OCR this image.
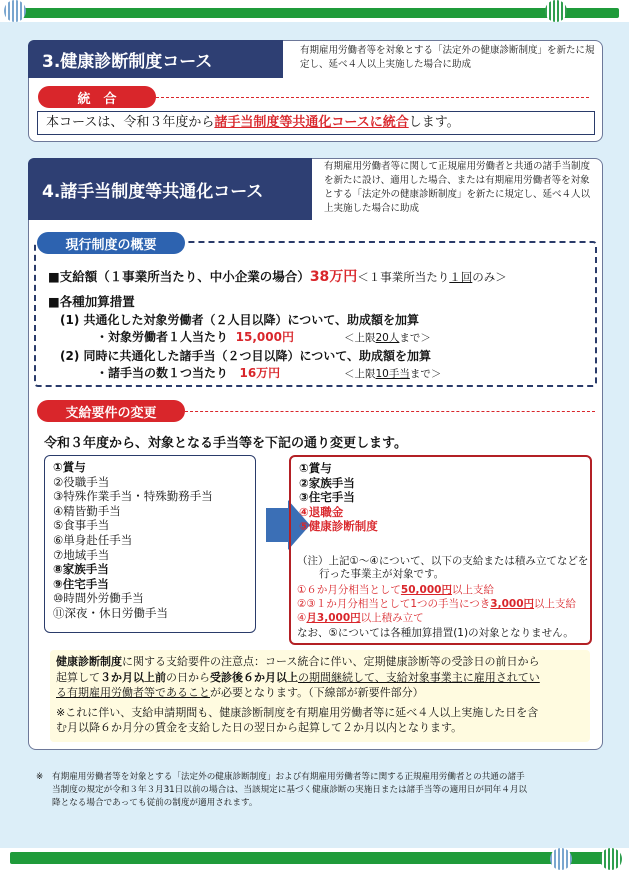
3.健康診断制度コース
有期雇用労働者等を対象とする「法定外の健康診断制度」を新たに規定し、延べ４人以上実施した場合に助成
統　合
本コースは、令和３年度から諸手当制度等共通化コースに統合します。
4.諸手当制度等共通化コース
有期雇用労働者等に関して正規雇用労働者と共通の諸手当制度を新たに設け、適用した場合、または有期雇用労働者等を対象とする「法定外の健康診断制度」を新たに規定し、延べ４人以上実施した場合に助成
現行制度の概要
■支給額（１事業所当たり、中小企業の場合）38万円＜１事業所当たり１回のみ＞
■各種加算措置
(1) 共通化した対象労働者（２人目以降）について、助成額を加算
・対象労働者１人当たり 15,000円	＜上限20人まで＞
(2) 同時に共通化した諸手当（２つ目以降）について、助成額を加算
・諸手当の数１つ当たり 16万円	＜上限10手当まで＞
支給要件の変更
令和３年度から、対象となる手当等を下記の通り変更します。
①賞与
②役職手当
③特殊作業手当・特殊勤務手当
④精皆勤手当
⑤食事手当
⑥単身赴任手当
⑦地域手当
⑧家族手当
⑨住宅手当
⑩時間外労働手当
⑪深夜・休日労働手当
①賞与
②家族手当
③住宅手当
④退職金
⑤健康診断制度
（注）上記①～④について、以下の支給または積み立てなどを
行った事業主が対象です。
①６か月分相当として50,000円以上支給
②③１か月分相当として1つの手当につき3,000円以上支給
④月3,000円以上積み立て
なお、⑤については各種加算措置(1)の対象となりません。
健康診断制度に関する支給要件の注意点：コース統合に伴い、定期健康診断等の受診日の前日から
起算して３か月以上前の日から受診後６か月以上の期間継続して、支給対象事業主に雇用されてい
る有期雇用労働者等であることが必要となります。（下線部が新要件部分）
※これに伴い、支給申請期間も、健康診断制度を有期雇用労働者等に延べ４人以上実施した日を含
む月以降６か月分の賃金を支給した日の翌日から起算して２か月以内となります。
※	有期雇用労働者等を対象とする「法定外の健康診断制度」および有期雇用労働者等に関する正規雇用労働者との共通の諸手
当制度の規定が令和３年３月31日以前の場合は、当該規定に基づく健康診断の実施日または諸手当等の適用日が同年４月以
降となる場合であっても従前の制度が適用されます。
